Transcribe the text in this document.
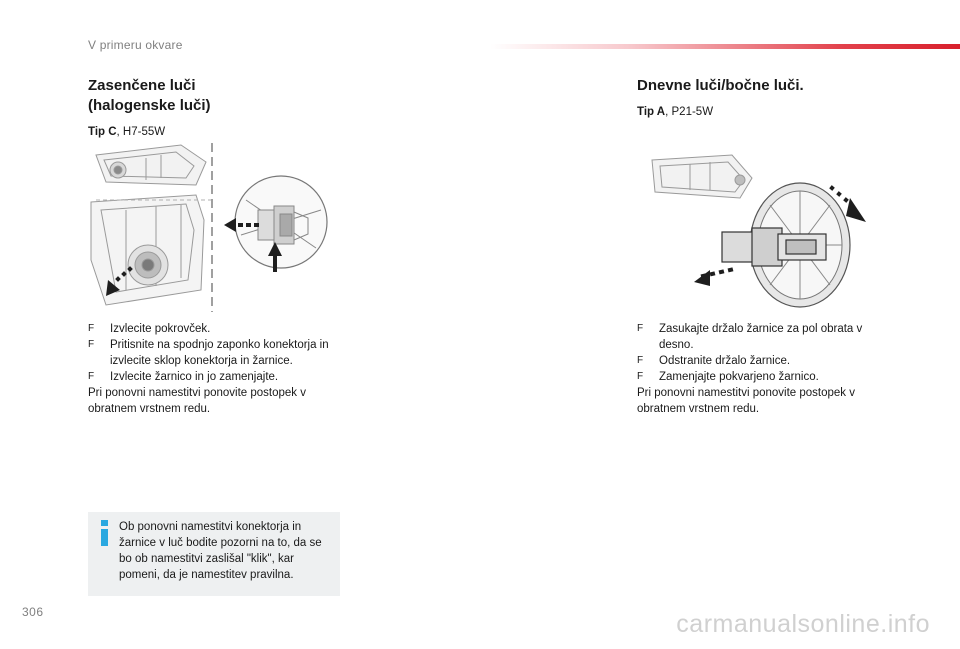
V primeru okvare
Zasenčene luči
(halogenske luči)
Tip C, H7-55W
Dnevne luči/bočne luči.
Tip A, P21-5W
F Izvlecite pokrovček.
F Pritisnite na spodnjo zaponko konektorja in izvlecite sklop konektorja in žarnice.
F Izvlecite žarnico in jo zamenjajte.

Pri ponovni namestitvi ponovite postopek v obratnem vrstnem redu.

F Zasukajte držalo žarnice za pol obrata v desno.
F Odstranite držalo žarnice.
F Zamenjajte pokvarjeno žarnico.

Pri ponovni namestitvi ponovite postopek v obratnem vrstnem redu.

Ob ponovni namestitvi konektorja in žarnice v luč bodite pozorni na to, da se bo ob namestitvi zaslišal "klik", kar pomeni, da je namestitev pravilna.
306	carmanualsonline.info
